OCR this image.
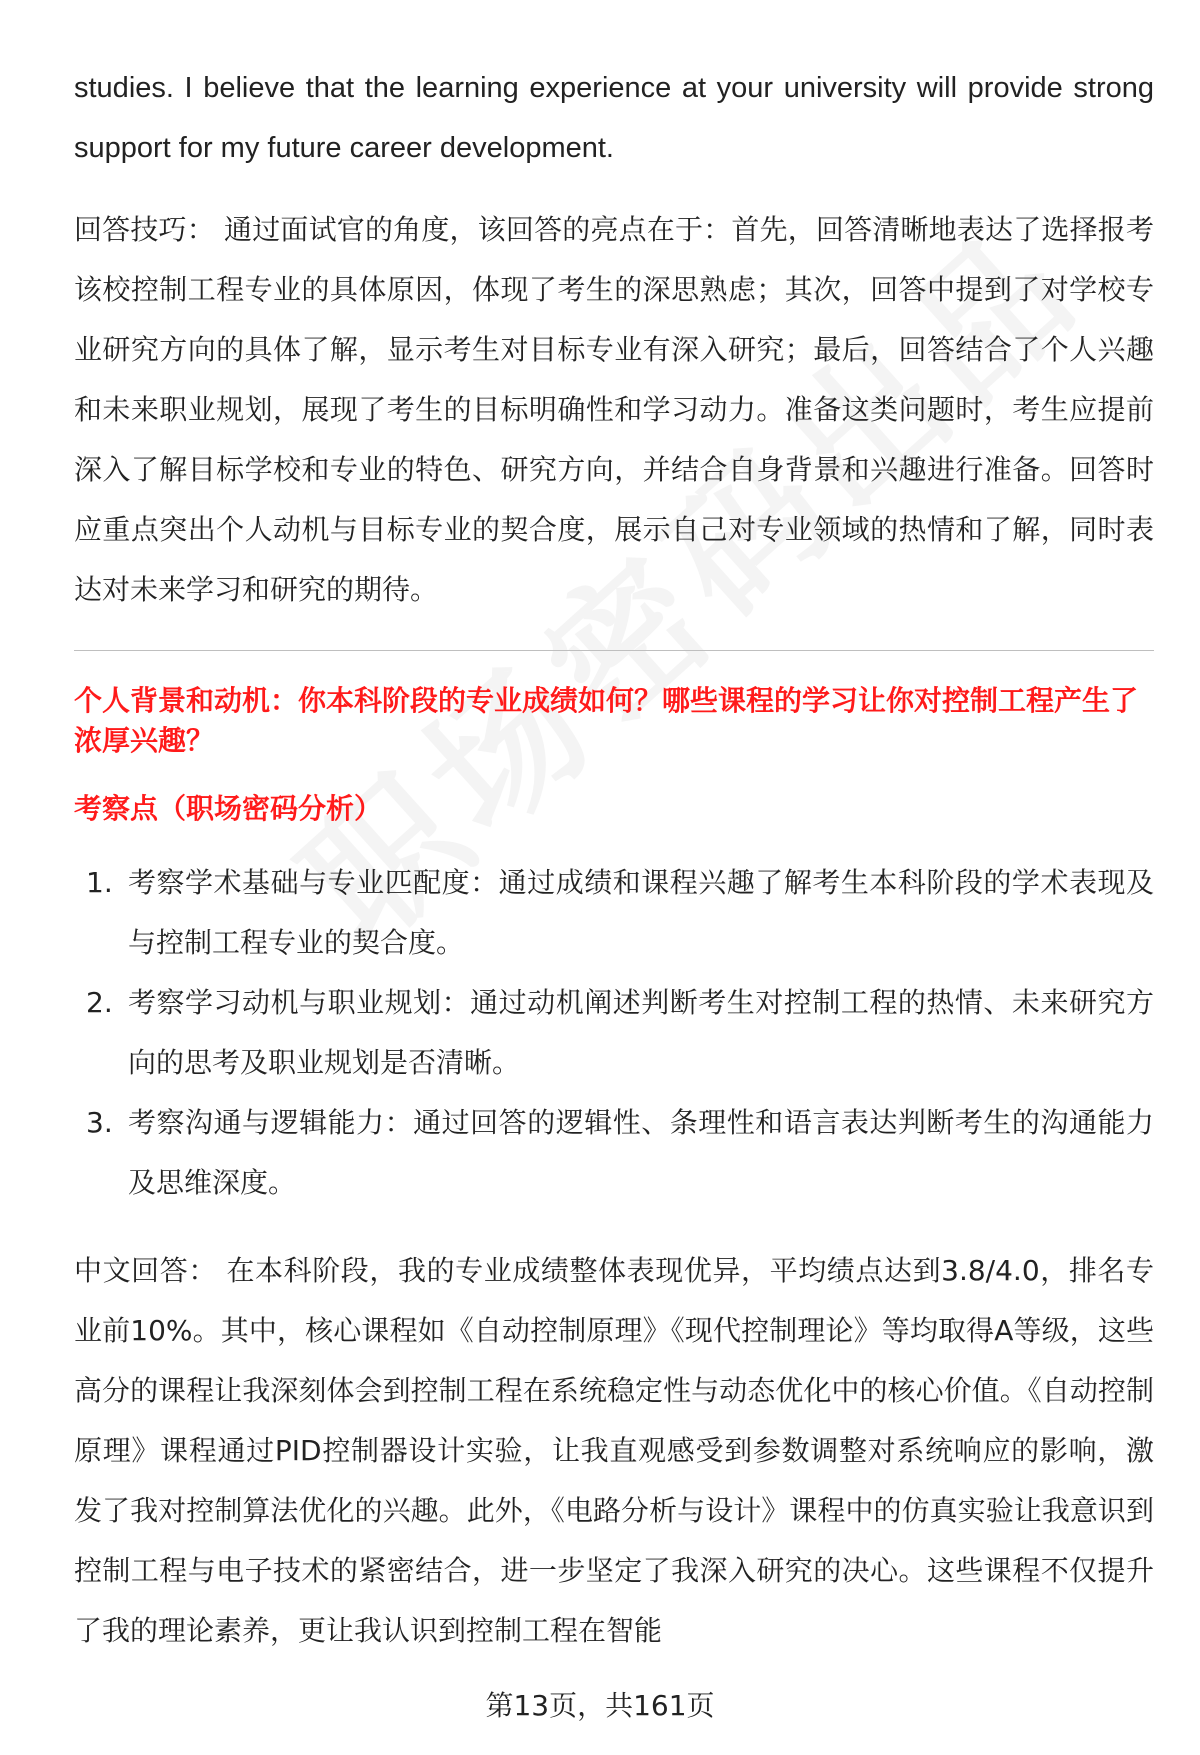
studies. I believe that the learning experience at your university will provide strong support for my future career development.

回答技巧： 通过面试官的角度，该回答的亮点在于：首先，回答清晰地表达了选择报考该校控制工程专业的具体原因，体现了考生的深思熟虑；其次，回答中提到了对学校专业研究方向的具体了解，显示考生对目标专业有深入研究；最后，回答结合了个人兴趣和未来职业规划，展现了考生的目标明确性和学习动力。准备这类问题时，考生应提前深入了解目标学校和专业的特色、研究方向，并结合自身背景和兴趣进行准备。回答时应重点突出个人动机与目标专业的契合度，展示自己对专业领域的热情和了解，同时表达对未来学习和研究的期待。

个人背景和动机：你本科阶段的专业成绩如何？哪些课程的学习让你对控制工程产生了浓厚兴趣？

考察点（职场密码分析）

1. 考察学术基础与专业匹配度：通过成绩和课程兴趣了解考生本科阶段的学术表现及与控制工程专业的契合度。
2. 考察学习动机与职业规划：通过动机阐述判断考生对控制工程的热情、未来研究方向的思考及职业规划是否清晰。
3. 考察沟通与逻辑能力：通过回答的逻辑性、条理性和语言表达判断考生的沟通能力及思维深度。

中文回答： 在本科阶段，我的专业成绩整体表现优异，平均绩点达到3.8/4.0，排名专业前10%。其中，核心课程如《自动控制原理》《现代控制理论》等均取得A等级，这些高分的课程让我深刻体会到控制工程在系统稳定性与动态优化中的核心价值。《自动控制原理》课程通过PID控制器设计实验，让我直观感受到参数调整对系统响应的影响，激发了我对控制算法优化的兴趣。此外，《电路分析与设计》课程中的仿真实验让我意识到控制工程与电子技术的紧密结合，进一步坚定了我深入研究的决心。这些课程不仅提升了我的理论素养，更让我认识到控制工程在智能

第13页，共161页
